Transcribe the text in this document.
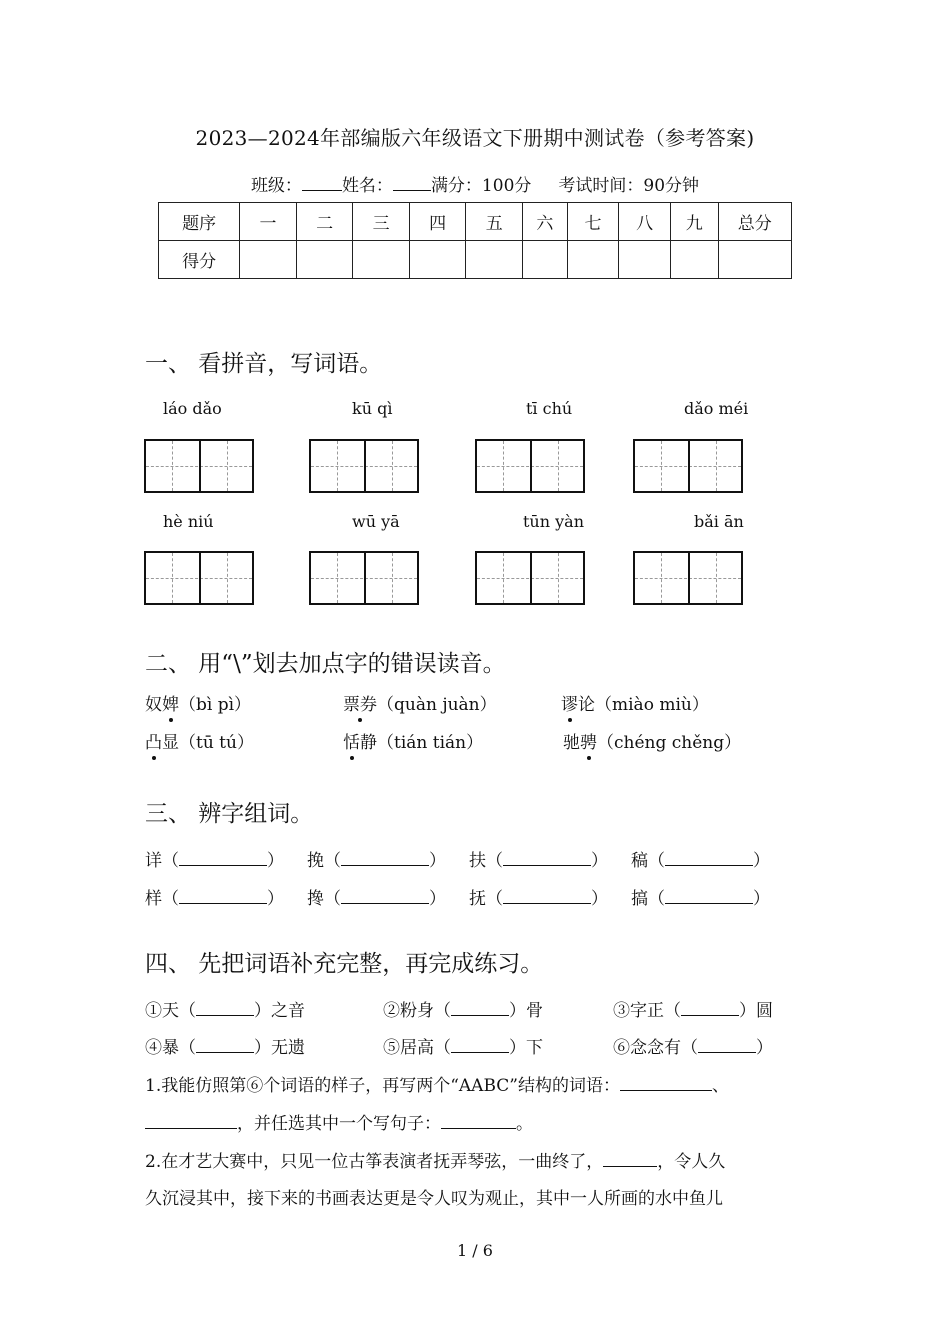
2023—2024年部编版六年级语文下册期中测试卷（参考答案)
班级： 姓名： 满分：100分 考试时间：90分钟
题序	一	二	三	四	五	六	七	八	九	总分
得分										
一、 看拼音，写词语。
láo dǎo	kū qì	tī chú	dǎo méi
hè niú	wū yā	tūn yàn	bǎi ān
二、 用“\”划去加点字的错误读音。
奴婢（bì pì）	票券（quàn juàn）	谬论（miào miù）
凸显（tū tú）	恬静（tián tián）	驰骋（chéng chěng）
三、 辨字组词。
详（	） 挽（	） 扶（	） 稿（	）
样（	） 搀（	） 抚（	） 搞（	）
四、 先把词语补充完整，再完成练习。
①天（	）之音	②粉身（	）骨	③字正（	）圆
④暴（	）无遗	⑤居高（	）下	⑥念念有（	）
1.我能仿照第⑥个词语的样子，再写两个“AABC”结构的词语：	、
，并任选其中一个写句子：	。
2.在才艺大赛中，只见一位古筝表演者抚弄琴弦，一曲终了，	，令人久
久沉浸其中，接下来的书画表达更是令人叹为观止，其中一人所画的水中鱼儿
1 / 6
